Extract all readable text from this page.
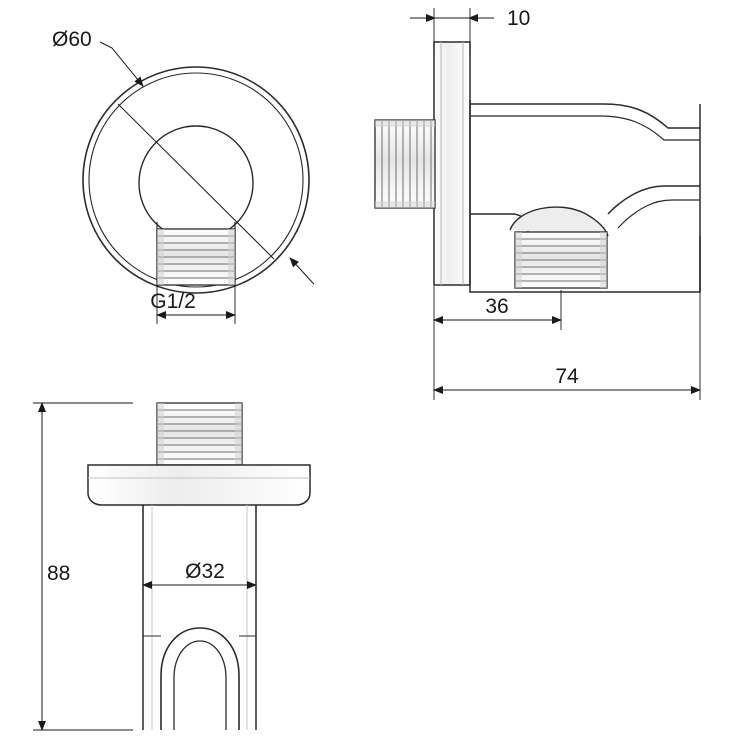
Ø60
G1/2
10
36
74
88	Ø32
